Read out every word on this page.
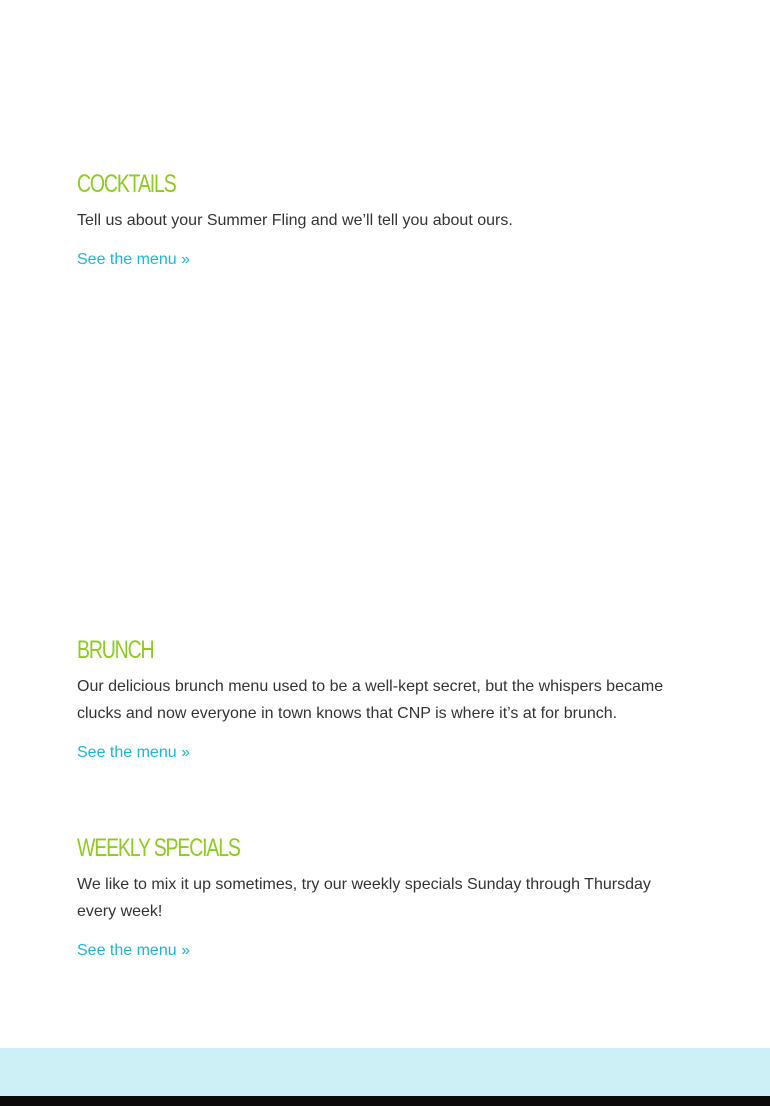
COCKTAILS

Tell us about your Summer Fling and we’ll tell you about ours.

See the menu »
BRUNCH

Our delicious brunch menu used to be a well-kept secret, but the whispers became clucks and now everyone in town knows that CNP is where it’s at for brunch.

See the menu »
WEEKLY SPECIALS

We like to mix it up sometimes, try our weekly specials Sunday through Thursday every week!

See the menu »
